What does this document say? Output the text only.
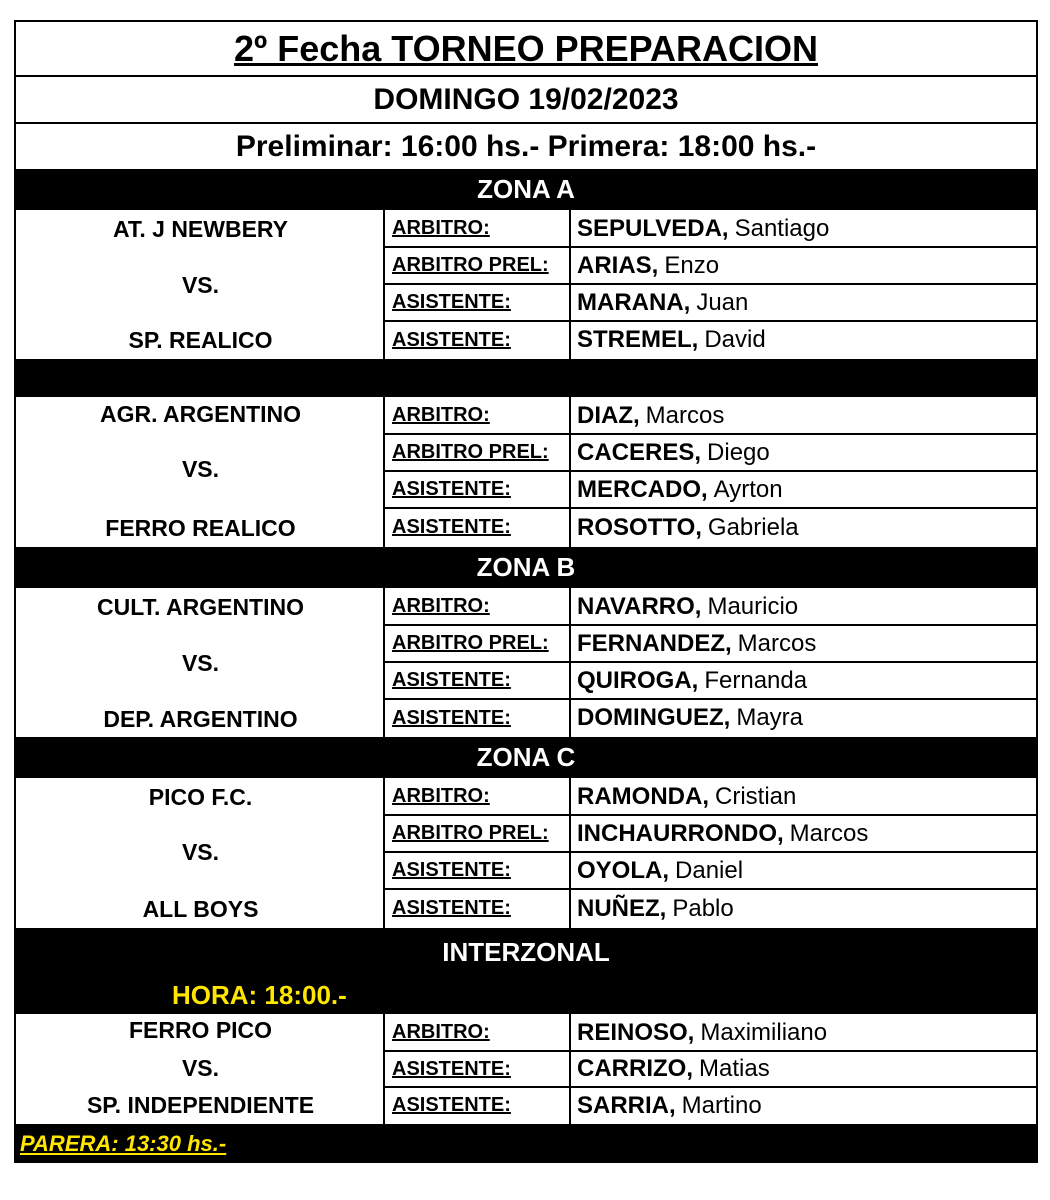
2º Fecha TORNEO PREPARACION
DOMINGO 19/02/2023
Preliminar: 16:00 hs.- Primera: 18:00 hs.-
ZONA A
AT. J NEWBERY
VS.
SP. REALICO
ARBITRO:	SEPULVEDA, Santiago
ARBITRO PREL:	ARIAS, Enzo
ASISTENTE:	MARANA, Juan
ASISTENTE:	STREMEL, David
AGR. ARGENTINO
VS.
FERRO REALICO
ARBITRO:	DIAZ, Marcos
ARBITRO PREL:	CACERES, Diego
ASISTENTE:	MERCADO, Ayrton
ASISTENTE:	ROSOTTO, Gabriela
ZONA B
CULT. ARGENTINO
VS.
DEP. ARGENTINO
ARBITRO:	NAVARRO, Mauricio
ARBITRO PREL:	FERNANDEZ, Marcos
ASISTENTE:	QUIROGA, Fernanda
ASISTENTE:	DOMINGUEZ, Mayra
ZONA C
PICO F.C.
VS.
ALL BOYS
ARBITRO:	RAMONDA, Cristian
ARBITRO PREL:	INCHAURRONDO, Marcos
ASISTENTE:	OYOLA, Daniel
ASISTENTE:	NUÑEZ, Pablo
INTERZONAL
HORA: 18:00.-
FERRO PICO
VS.
SP. INDEPENDIENTE
ARBITRO:	REINOSO, Maximiliano
ASISTENTE:	CARRIZO, Matias
ASISTENTE:	SARRIA, Martino
PARERA: 13:30 hs.-
